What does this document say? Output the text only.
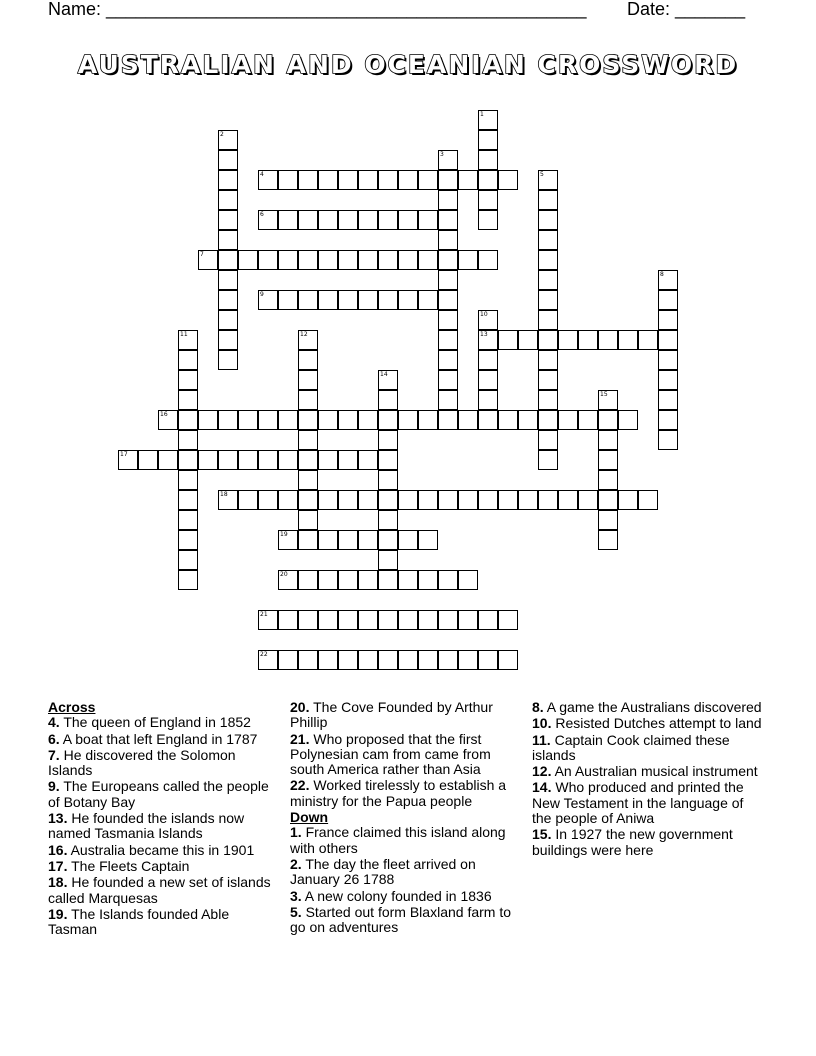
Name: ________________________________________________ Date: _______
AUSTRALIAN AND OCEANIAN CROSSWORD
4
6
7
9
13
16
17
18
19
20
21
22
1
2
3
5
8
10
11	12
14
15
Across
4. The queen of England in 1852
6. A boat that left England in 1787
7. He discovered the Solomon Islands
9. The Europeans called the people of Botany Bay
13. He founded the islands now named Tasmania Islands
16. Australia became this in 1901
17. The Fleets Captain
18. He founded a new set of islands called Marquesas
19. The Islands founded Able Tasman
20. The Cove Founded by Arthur Phillip
21. Who proposed that the first Polynesian cam from came from south America rather than Asia
22. Worked tirelessly to establish a ministry for the Papua people
Down
1. France claimed this island along with others
2. The day the fleet arrived on January 26 1788
3. A new colony founded in 1836
5. Started out form Blaxland farm to go on adventures
8. A game the Australians discovered
10. Resisted Dutches attempt to land
11. Captain Cook claimed these islands
12. An Australian musical instrument
14. Who produced and printed the New Testament in the language of the people of Aniwa
15. In 1927 the new government buildings were here
